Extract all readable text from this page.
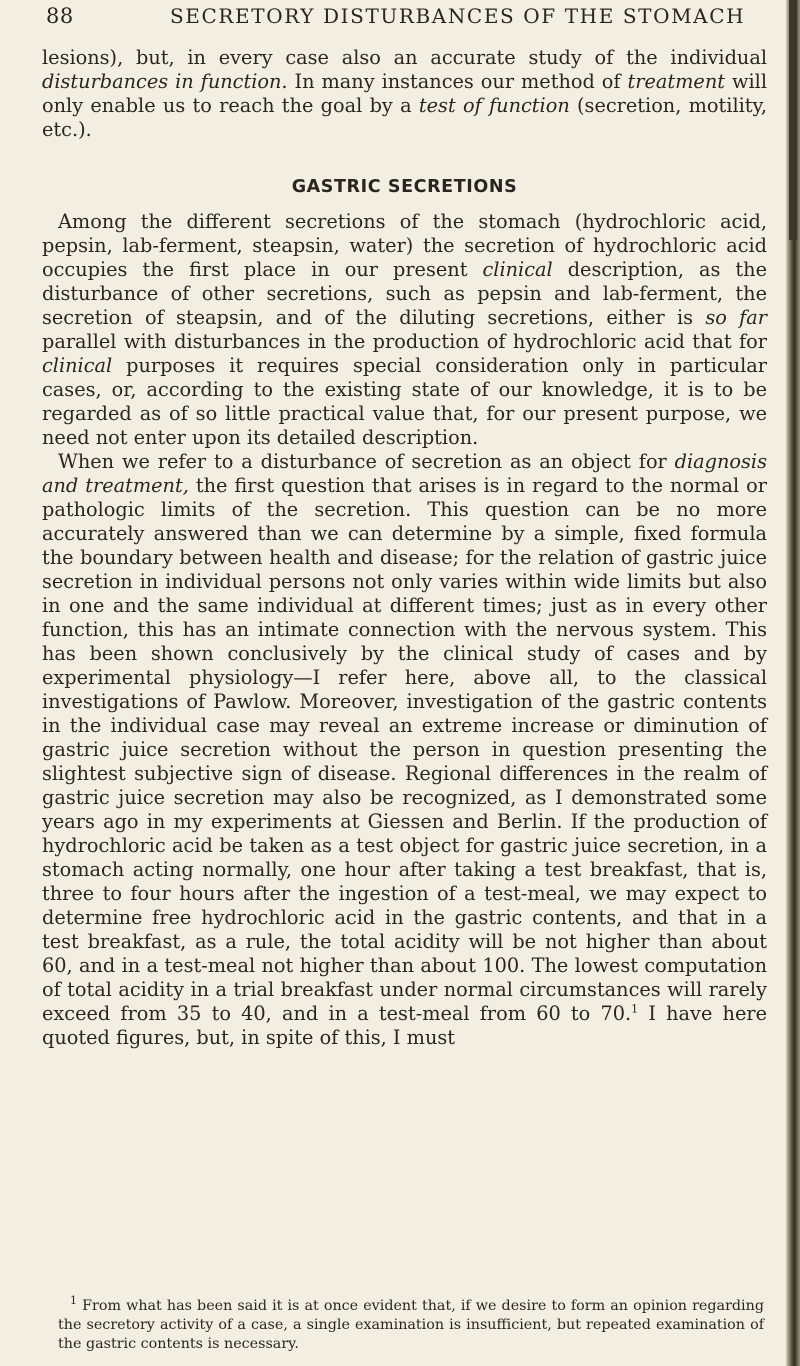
88	SECRETORY DISTURBANCES OF THE STOMACH

lesions), but, in every case also an accurate study of the individual disturbances in function. In many instances our method of treatment will only enable us to reach the goal by a test of function (secretion, motility, etc.).

GASTRIC SECRETIONS

Among the different secretions of the stomach (hydrochloric acid, pepsin, lab-ferment, steapsin, water) the secretion of hydrochloric acid occupies the first place in our present clinical description, as the disturbance of other secretions, such as pepsin and lab-ferment, the secretion of steapsin, and of the diluting secretions, either is so far parallel with disturbances in the production of hydrochloric acid that for clinical purposes it requires special consideration only in particular cases, or, according to the existing state of our knowledge, it is to be regarded as of so little practical value that, for our present purpose, we need not enter upon its detailed description.

When we refer to a disturbance of secretion as an object for diagnosis and treatment, the first question that arises is in regard to the normal or pathologic limits of the secretion. This question can be no more accurately answered than we can determine by a simple, fixed formula the boundary between health and disease; for the relation of gastric juice secretion in individual persons not only varies within wide limits but also in one and the same individual at different times; just as in every other function, this has an intimate connection with the nervous system. This has been shown conclusively by the clinical study of cases and by experimental physiology—I refer here, above all, to the classical investigations of Pawlow. Moreover, investigation of the gastric contents in the individual case may reveal an extreme increase or diminution of gastric juice secretion without the person in question presenting the slightest subjective sign of disease. Regional differences in the realm of gastric juice secretion may also be recognized, as I demonstrated some years ago in my experiments at Giessen and Berlin. If the production of hydrochloric acid be taken as a test object for gastric juice secretion, in a stomach acting normally, one hour after taking a test breakfast, that is, three to four hours after the ingestion of a test-meal, we may expect to determine free hydrochloric acid in the gastric contents, and that in a test breakfast, as a rule, the total acidity will be not higher than about 60, and in a test-meal not higher than about 100. The lowest computation of total acidity in a trial breakfast under normal circumstances will rarely exceed from 35 to 40, and in a test-meal from 60 to 70.$^1$ I have here quoted figures, but, in spite of this, I must

$^1$ From what has been said it is at once evident that, if we desire to form an opinion regarding the secretory activity of a case, a single examination is insufficient, but repeated examination of the gastric contents is necessary.
